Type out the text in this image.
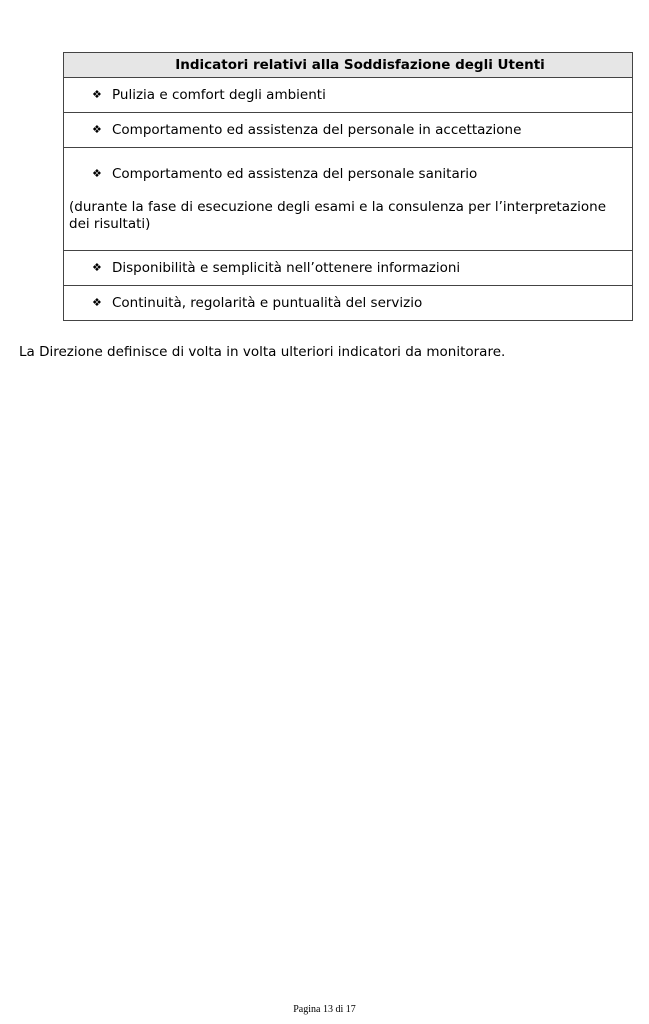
Indicatori relativi alla Soddisfazione degli Utenti

❖ Pulizia e comfort degli ambienti

❖ Comportamento ed assistenza del personale in accettazione

❖ Comportamento ed assistenza del personale sanitario
(durante la fase di esecuzione degli esami e la consulenza per l’interpretazione dei risultati)

❖ Disponibilità e semplicità nell’ottenere informazioni

❖ Continuità, regolarità e puntualità del servizio

La Direzione definisce di volta in volta ulteriori indicatori da monitorare.

Pagina 13 di 17
